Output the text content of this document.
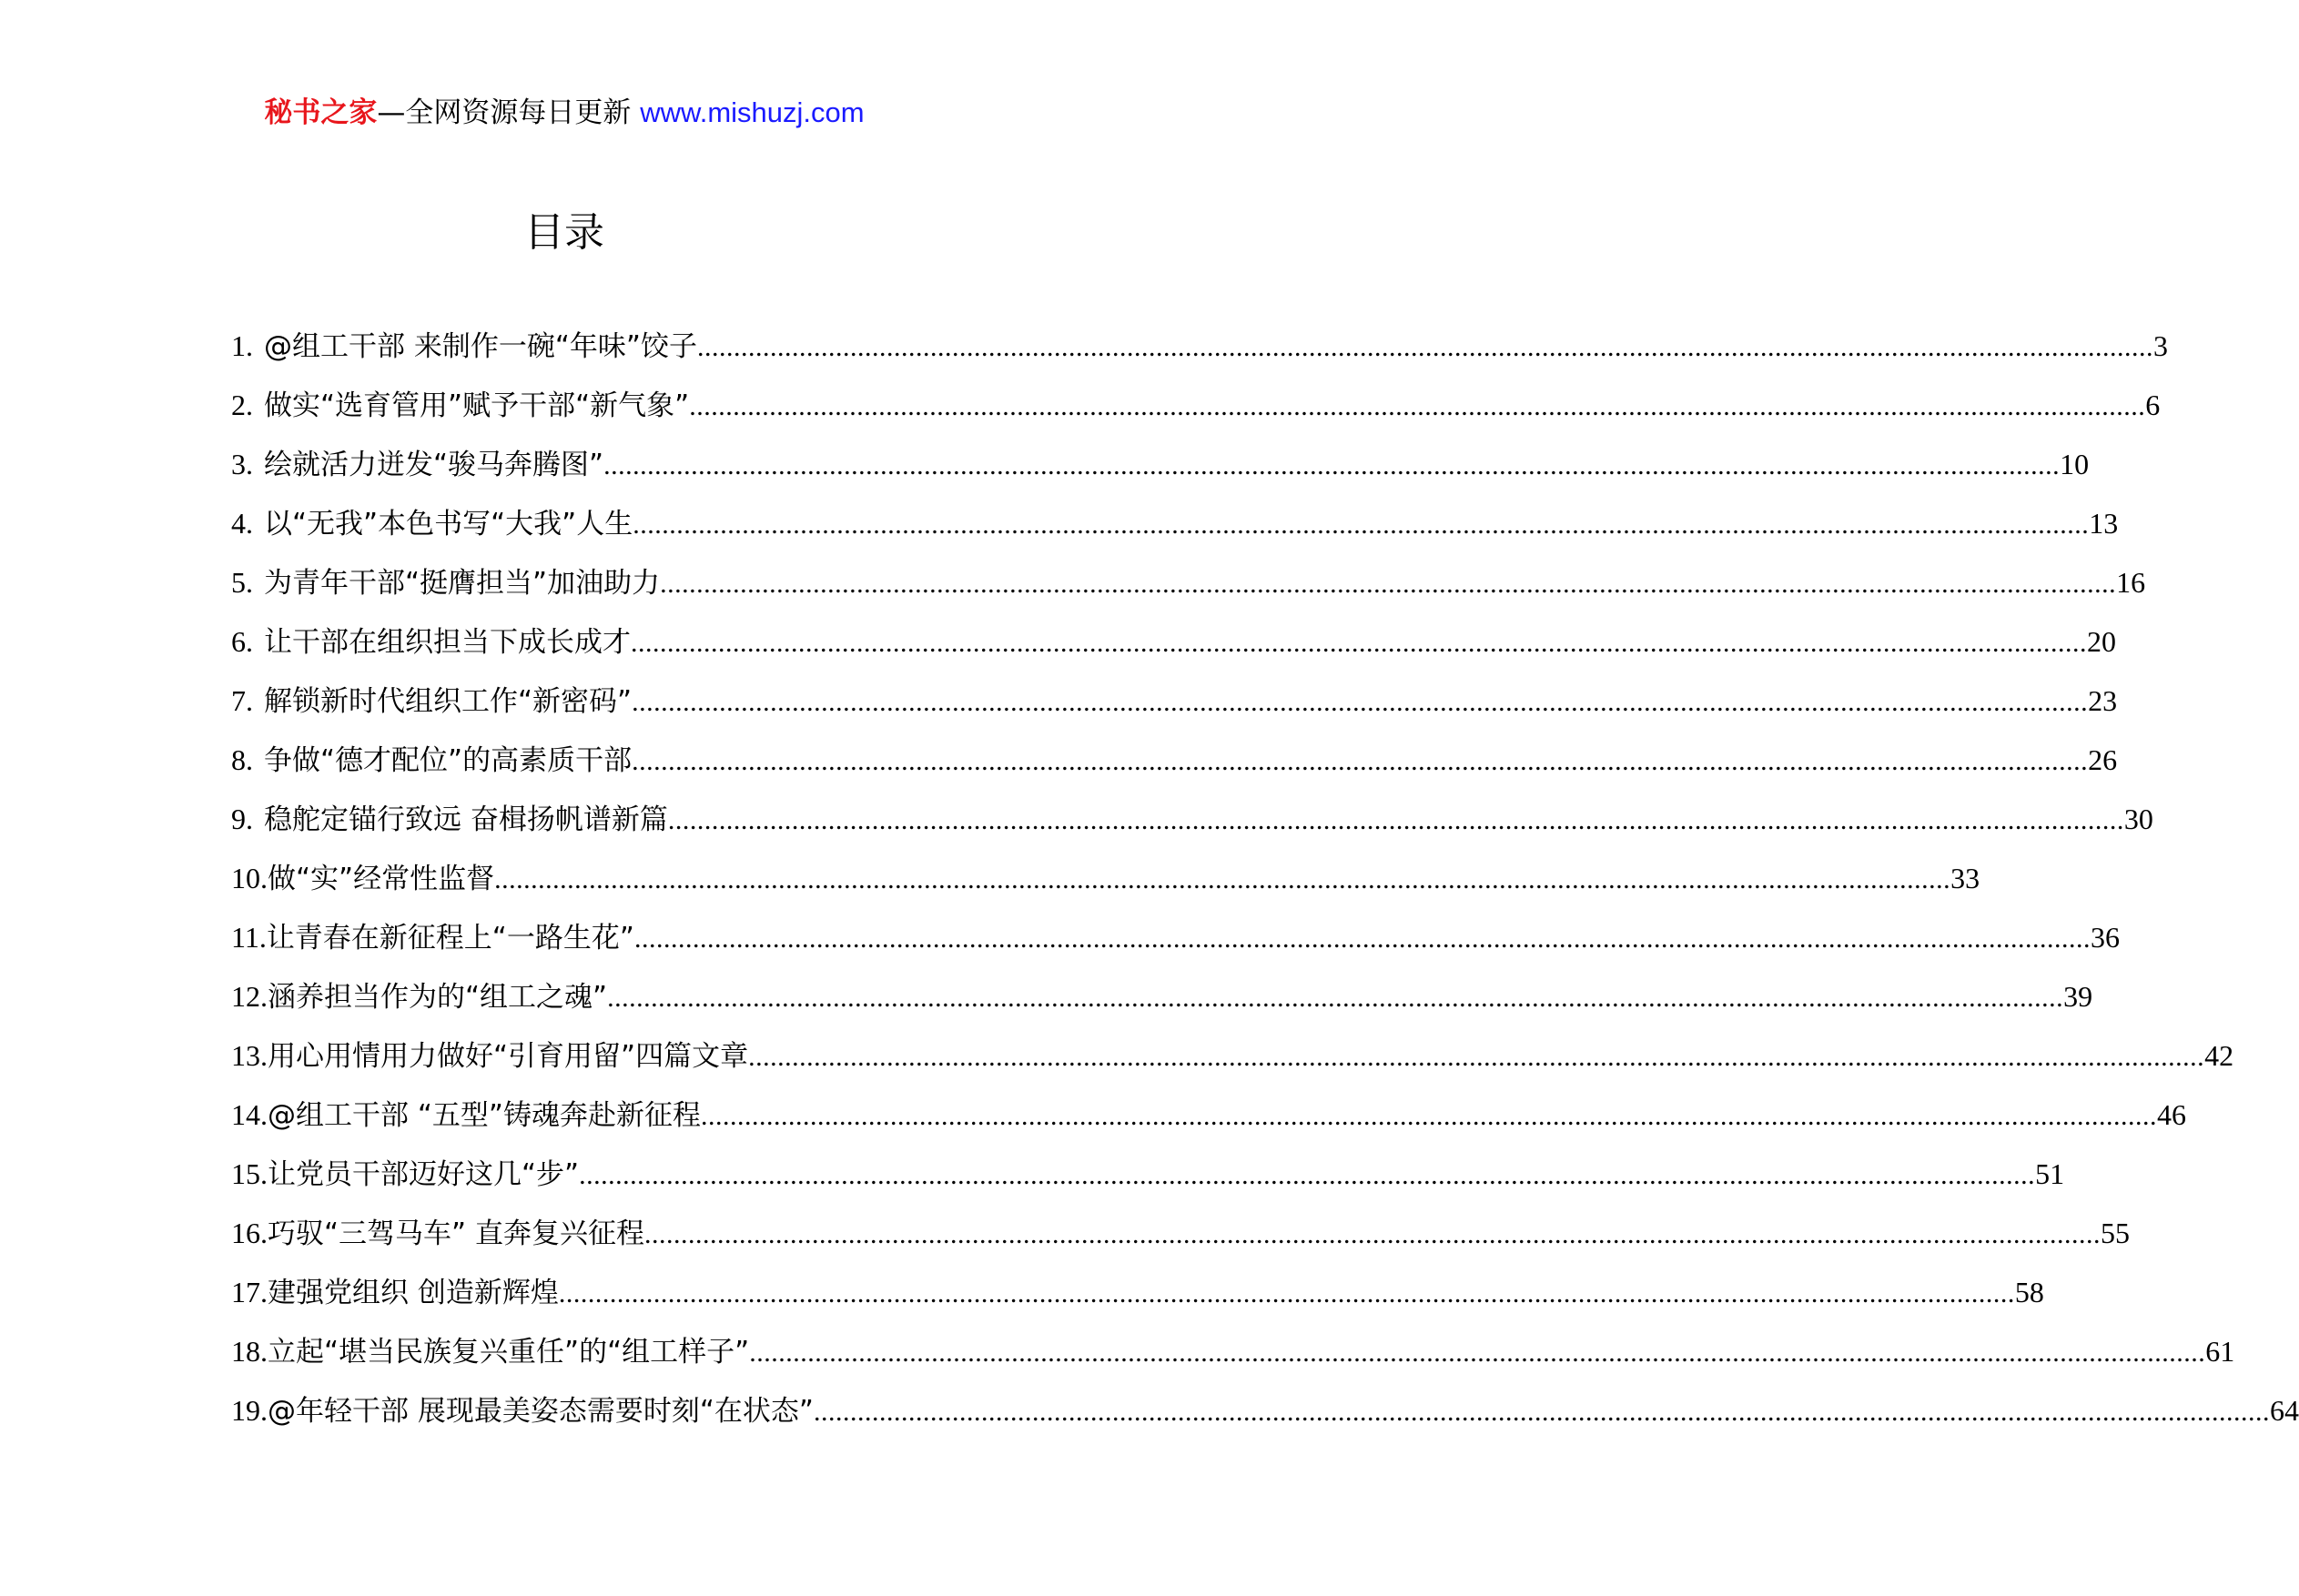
秘书之家—全网资源每日更新 www.mishuzj.com
目录
1. @组工干部 来制作一碗“年味”饺子 ........................................................................................................................................................................................................ 3
2. 做实“选育管用”赋予干部“新气象” ........................................................................................................................................................................................................ 6
3. 绘就活力迸发“骏马奔腾图” ........................................................................................................................................................................................................ 10
4. 以“无我”本色书写“大我”人生 ........................................................................................................................................................................................................ 13
5. 为青年干部“挺膺担当”加油助力 ........................................................................................................................................................................................................ 16
6. 让干部在组织担当下成长成才 ........................................................................................................................................................................................................ 20
7. 解锁新时代组织工作“新密码” ........................................................................................................................................................................................................ 23
8. 争做“德才配位”的高素质干部 ........................................................................................................................................................................................................ 26
9. 稳舵定锚行致远 奋楫扬帆谱新篇 ........................................................................................................................................................................................................ 30
10. 做“实”经常性监督 ........................................................................................................................................................................................................ 33
11. 让青春在新征程上“一路生花” ........................................................................................................................................................................................................ 36
12. 涵养担当作为的“组工之魂” ........................................................................................................................................................................................................ 39
13. 用心用情用力做好“引育用留”四篇文章 ........................................................................................................................................................................................................ 42
14. @组工干部 “五型”铸魂奔赴新征程 ........................................................................................................................................................................................................ 46
15. 让党员干部迈好这几“步” ........................................................................................................................................................................................................ 51
16. 巧驭“三驾马车” 直奔复兴征程 ........................................................................................................................................................................................................ 55
17. 建强党组织 创造新辉煌 ........................................................................................................................................................................................................ 58
18. 立起“堪当民族复兴重任”的“组工样子” ........................................................................................................................................................................................................ 61
19. @年轻干部 展现最美姿态需要时刻“在状态” ........................................................................................................................................................................................................ 64
